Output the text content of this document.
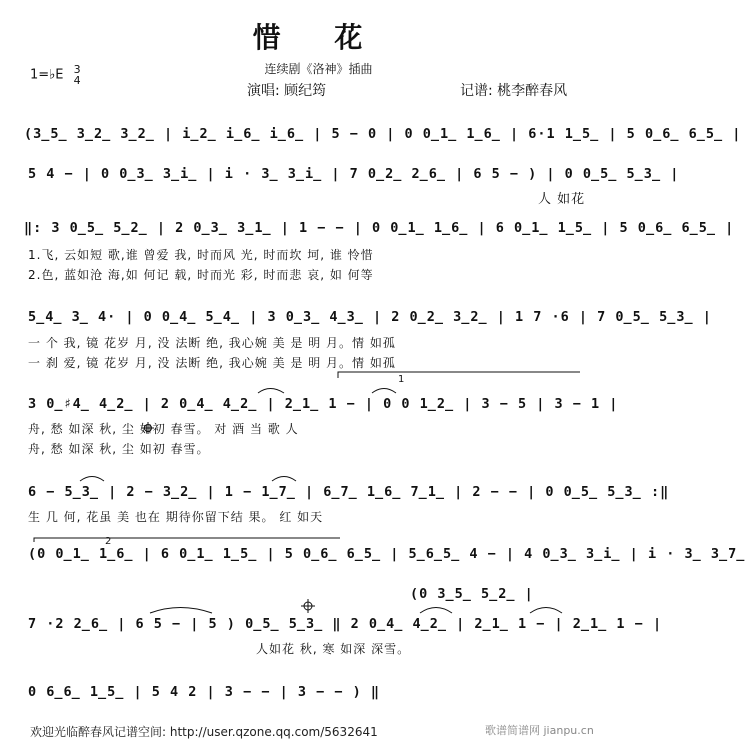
惜 花
连续剧《洛神》插曲
1=♭E 3
4
演唱: 顾纪筠	记谱: 桃李醉春风
(3̲5̲ 3̲2̲ 3̲2̲ | i̲2̲ i̲6̲ i̲6̲ | 5 − 0 | 0 0̲1̲ 1̲6̲ | 6·1 1̲5̲ | 5 0̲6̲ 6̲5̲ |
5 4 − | 0 0̲3̲ 3̲i̲ | i · 3̲ 3̲i̲ | 7 0̲2̲ 2̲6̲ | 6 5 − ) | 0 0̲5̲ 5̲3̲ |
人 如花
‖: 3 0̲5̲ 5̲2̲ | 2 0̲3̲ 3̲1̲ | 1 − − | 0 0̲1̲ 1̲6̲ | 6 0̲1̲ 1̲5̲ | 5 0̲6̲ 6̲5̲ |
1.飞, 云如短 歌,谁 曾爱 我, 时而风 光, 时而坎 坷, 谁 怜惜
2.色, 蓝如沧 海,如 何记 载, 时而光 彩, 时而悲 哀, 如 何等
5̲4̲ 3̲ 4· | 0 0̲4̲ 5̲4̲ | 3 0̲3̲ 4̲3̲ | 2 0̲2̲ 3̲2̲ | 1 7 ·6 | 7 0̲5̲ 5̲3̲ |
一 个 我, 镜 花岁 月, 没 法断 绝, 我心婉 美 是 明 月。情 如孤
一 刹 爱, 镜 花岁 月, 没 法断 绝, 我心婉 美 是 明 月。情 如孤
3 0̲♯4̲ 4̲2̲ | 2 0̲4̲ 4̲2̲ | 2̲1̲ 1 − | 0 0 1̲2̲ | 3 − 5 | 3 − 1 |
舟, 愁 如深 秋, 尘 如初 春雪。 对 酒 当 歌 人
舟, 愁 如深 秋, 尘 如初 春雪。
6 − 5̲3̲ | 2 − 3̲2̲ | 1 − 1̲7̲ | 6̲7̲ 1̲6̲ 7̲1̲ | 2 − − | 0 0̲5̲ 5̲3̲ :‖
生 几 何, 花虽 美 也在 期待你留下结 果。 红 如天
1
2
(0 0̲1̲ 1̲6̲ | 6 0̲1̲ 1̲5̲ | 5 0̲6̲ 6̲5̲ | 5̲6̲5̲ 4 − | 4 0̲3̲ 3̲i̲ | i · 3̲ 3̲7̲
(0 3̲5̲ 5̲2̲ |
7 ·2 2̲6̲ | 6 5 − | 5 ) 0̲5̲ 5̲3̲ ‖ 2 0̲4̲ 4̲2̲ | 2̲1̲ 1 − | 2̲1̲ 1 − |
人如花 秋, 寒 如深 深雪。
0 6̲6̲ 1̲5̲ | 5 4 2 | 3 − − | 3 − − ) ‖
欢迎光临醉春风记谱空间: http://user.qzone.qq.com/5632641	歌谱简谱网 jianpu.cn
